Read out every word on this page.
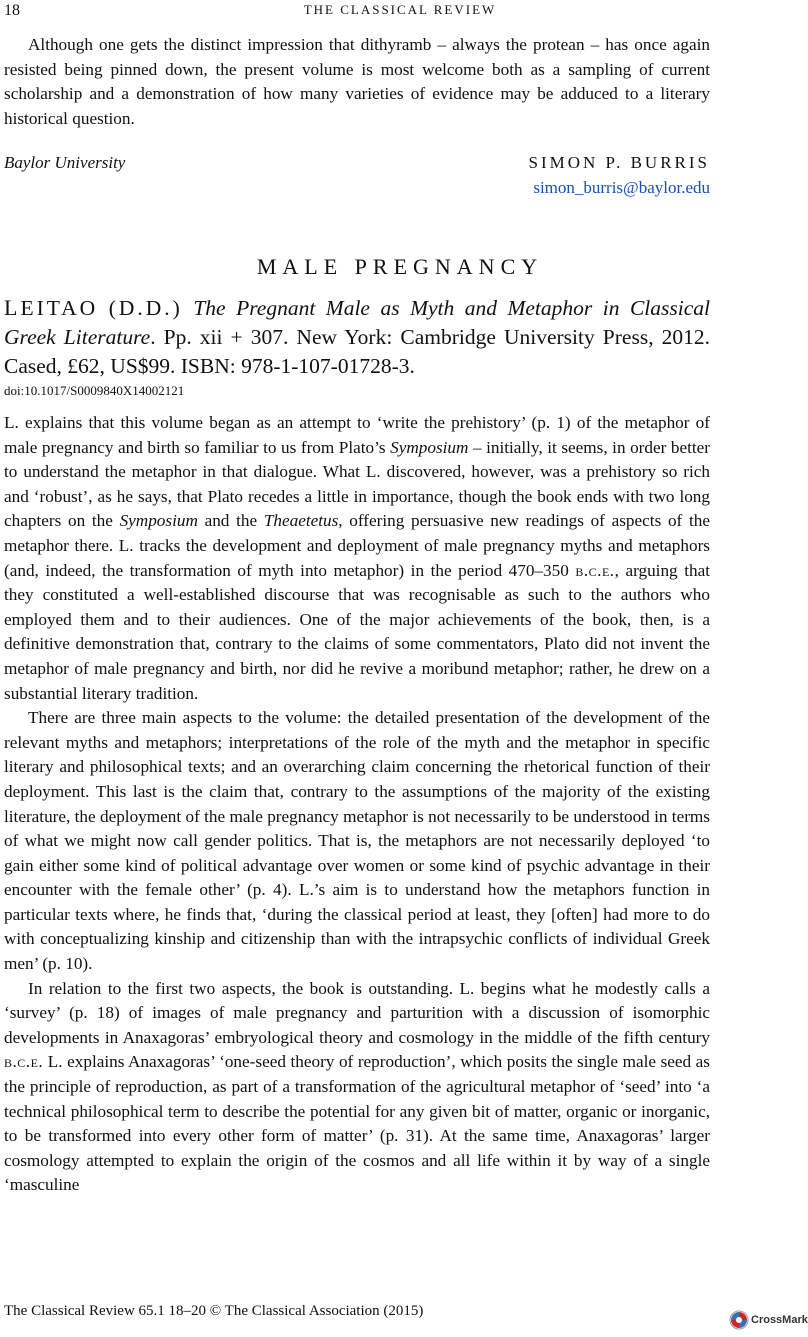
18	THE CLASSICAL REVIEW

Although one gets the distinct impression that dithyramb – always the protean – has once again resisted being pinned down, the present volume is most welcome both as a sampling of current scholarship and a demonstration of how many varieties of evidence may be adduced to a literary historical question.

Baylor University	SIMON P. BURRIS
simon_burris@baylor.edu
MALE PREGNANCY
LEITAO (D.D.) The Pregnant Male as Myth and Metaphor in Classical Greek Literature. Pp. xii + 307. New York: Cambridge University Press, 2012. Cased, £62, US$99. ISBN: 978-1-107-01728-3.
doi:10.1017/S0009840X14002121

L. explains that this volume began as an attempt to ‘write the prehistory’ (p. 1) of the metaphor of male pregnancy and birth so familiar to us from Plato’s Symposium – initially, it seems, in order better to understand the metaphor in that dialogue. What L. discovered, however, was a prehistory so rich and ‘robust’, as he says, that Plato recedes a little in importance, though the book ends with two long chapters on the Symposium and the Theaetetus, offering persuasive new readings of aspects of the metaphor there. L. tracks the development and deployment of male pregnancy myths and metaphors (and, indeed, the transformation of myth into metaphor) in the period 470–350 b.c.e., arguing that they constituted a well-established discourse that was recognisable as such to the authors who employed them and to their audiences. One of the major achievements of the book, then, is a definitive demonstration that, contrary to the claims of some commentators, Plato did not invent the metaphor of male pregnancy and birth, nor did he revive a moribund metaphor; rather, he drew on a substantial literary tradition.

There are three main aspects to the volume: the detailed presentation of the development of the relevant myths and metaphors; interpretations of the role of the myth and the metaphor in specific literary and philosophical texts; and an overarching claim concerning the rhetorical function of their deployment. This last is the claim that, contrary to the assumptions of the majority of the existing literature, the deployment of the male pregnancy metaphor is not necessarily to be understood in terms of what we might now call gender politics. That is, the metaphors are not necessarily deployed ‘to gain either some kind of political advantage over women or some kind of psychic advantage in their encounter with the female other’ (p. 4). L.’s aim is to understand how the metaphors function in particular texts where, he finds that, ‘during the classical period at least, they [often] had more to do with conceptualizing kinship and citizenship than with the intrapsychic conflicts of individual Greek men’ (p. 10).

In relation to the first two aspects, the book is outstanding. L. begins what he modestly calls a ‘survey’ (p. 18) of images of male pregnancy and parturition with a discussion of isomorphic developments in Anaxagoras’ embryological theory and cosmology in the middle of the fifth century b.c.e. L. explains Anaxagoras’ ‘one-seed theory of reproduction’, which posits the single male seed as the principle of reproduction, as part of a transformation of the agricultural metaphor of ‘seed’ into ‘a technical philosophical term to describe the potential for any given bit of matter, organic or inorganic, to be transformed into every other form of matter’ (p. 31). At the same time, Anaxagoras’ larger cosmology attempted to explain the origin of the cosmos and all life within it by way of a single ‘masculine

The Classical Review 65.1 18–20 © The Classical Association (2015)
CrossMark
